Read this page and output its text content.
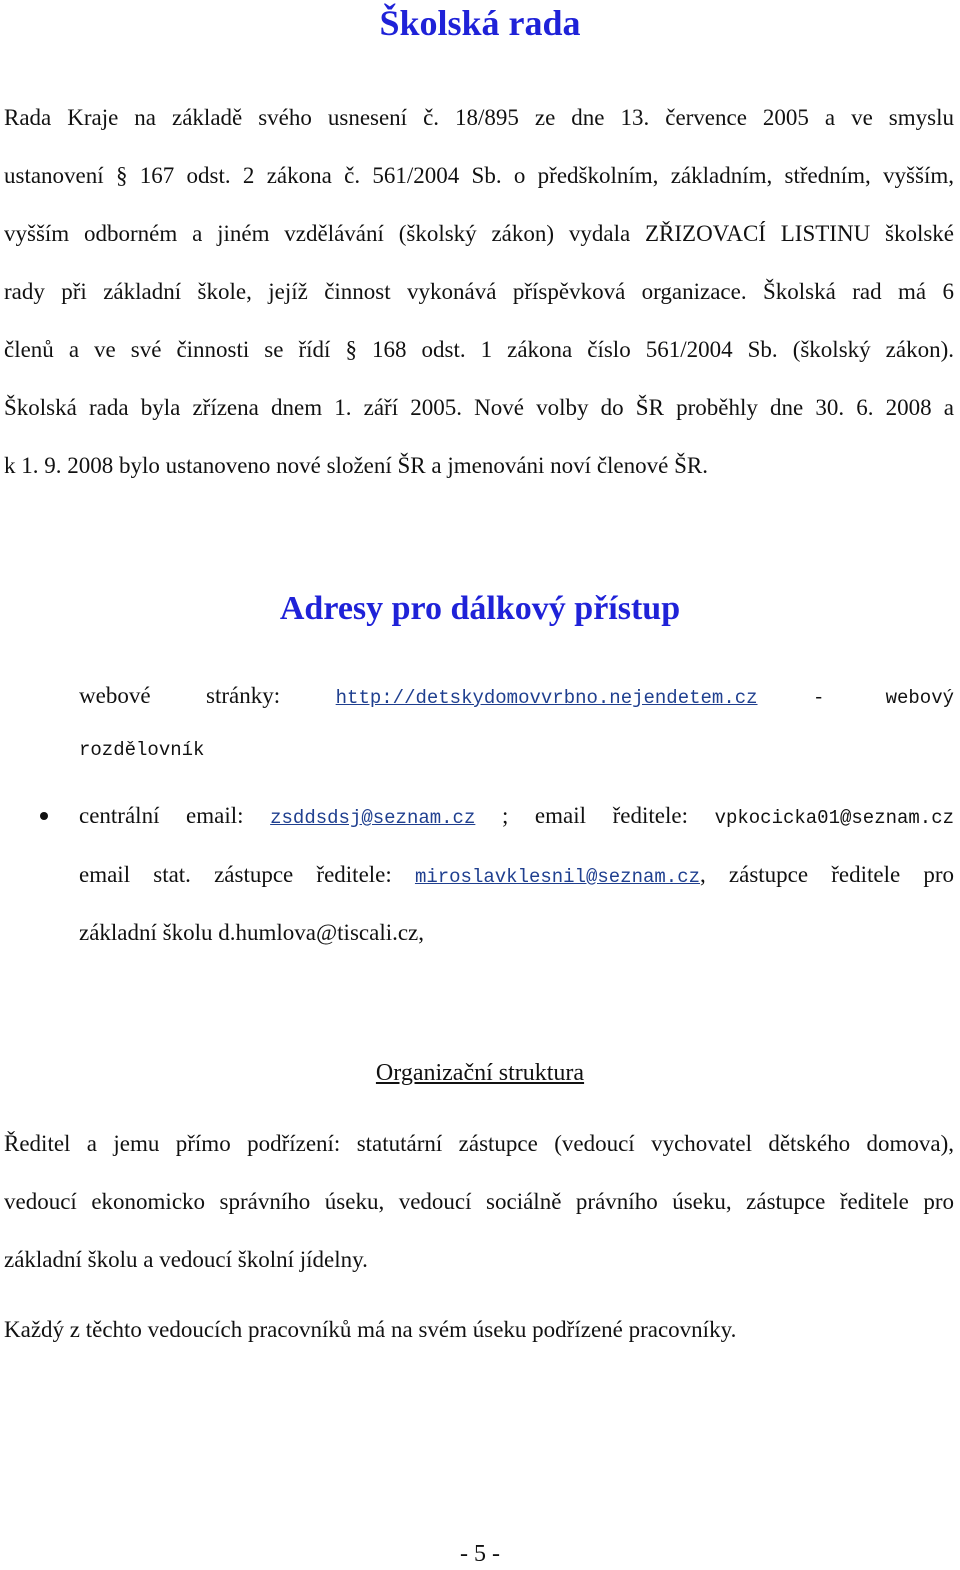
Školská rada
Rada Kraje na základě svého usnesení č. 18/895 ze dne 13. července 2005 a ve smyslu
ustanovení § 167 odst. 2 zákona č. 561/2004 Sb. o předškolním, základním, středním, vyšším,
vyšším odborném a jiném vzdělávání (školský zákon) vydala ZŘIZOVACÍ LISTINU školské
rady při základní škole, jejíž činnost vykonává příspěvková organizace. Školská rad má 6
členů a ve své činnosti se řídí § 168 odst. 1 zákona číslo 561/2004 Sb. (školský zákon).
Školská rada byla zřízena dnem 1. září 2005. Nové volby do ŠR proběhly dne 30. 6. 2008 a
k 1. 9. 2008 bylo ustanoveno nové složení ŠR a jmenováni noví členové ŠR.
Adresy pro dálkový přístup
webové stránky:	http://detskydomovvrbno.nejendetem.cz	- webový
rozdělovník
centrální email: zsddsdsj@seznam.cz ; email ředitele: vpkocicka01@seznam.cz
email stat. zástupce ředitele: miroslavklesnil@seznam.cz, zástupce ředitele pro
základní školu d.humlova@tiscali.cz,
Organizační struktura
Ředitel a jemu přímo podřízení: statutární zástupce (vedoucí vychovatel dětského domova),
vedoucí ekonomicko správního úseku, vedoucí sociálně právního úseku, zástupce ředitele pro
základní školu a vedoucí školní jídelny.
Každý z těchto vedoucích pracovníků má na svém úseku podřízené pracovníky.
- 5 -
